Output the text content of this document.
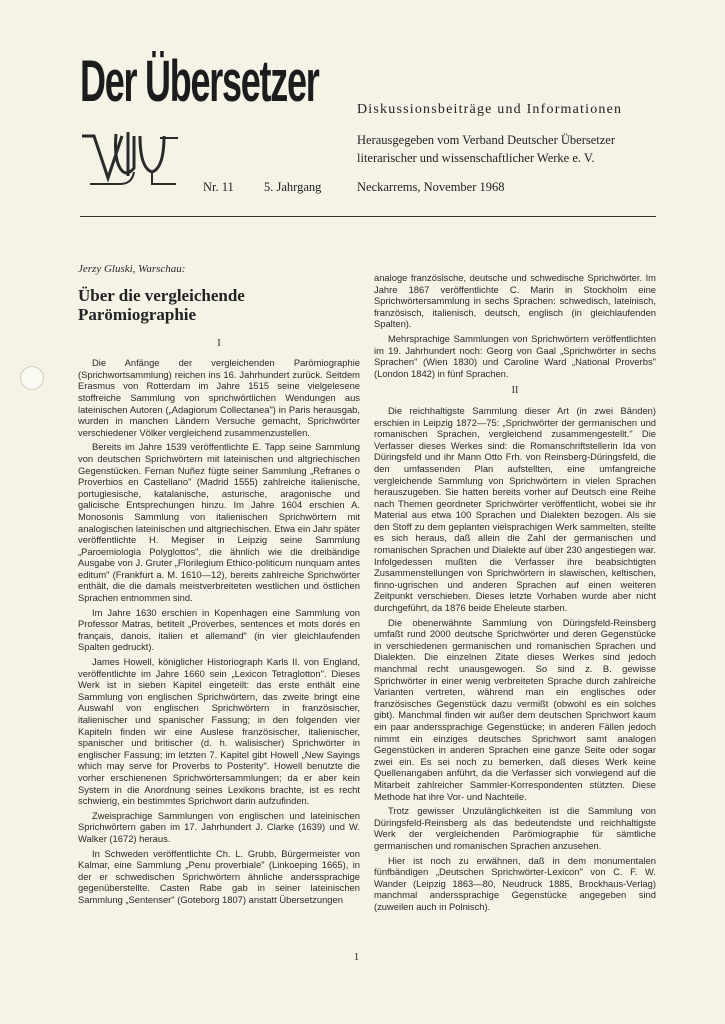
Der Übersetzer	Diskussionsbeiträge und Informationen
Herausgegeben vom Verband Deutscher Übersetzer
literarischer und wissenschaftlicher Werke e. V.
Nr. 11 5. Jahrgang	Neckarrems, November 1968
Jerzy Gluski, Warschau:
Über die vergleichende
Parömiographie
I

Die Anfänge der vergleichenden Parömiographie (Sprichwortsammlung) reichen ins 16. Jahrhundert zurück. Seitdem Erasmus von Rotterdam im Jahre 1515 seine vielgelesene stoffreiche Sammlung von sprichwörtlichen Wendungen aus lateinischen Autoren („Adagiorum Collectanea") in Paris herausgab, wurden in manchen Ländern Versuche gemacht, Sprichwörter verschiedener Völker vergleichend zusammenzustellen.

Bereits im Jahre 1539 veröffentlichte E. Tapp seine Sammlung von deutschen Sprichwörtern mit lateinischen und altgriechischen Gegenstücken. Fernan Nuñez fügte seiner Sammlung „Refranes o Proverbios en Castellano" (Madrid 1555) zahlreiche italienische, portugiesische, katalanische, asturische, aragonische und galicische Entsprechungen hinzu. Im Jahre 1604 erschien A. Monosonis Sammlung von italienischen Sprichwörtern mit analogischen lateinischen und altgriechischen. Etwa ein Jahr später veröffentlichte H. Megiser in Leipzig seine Sammlung „Paroemiologia Polyglottos", die ähnlich wie die dreibändige Ausgabe von J. Gruter „Florilegium Ethico-politicum nunquam antes editum" (Frankfurt a. M. 1610—12), bereits zahlreiche Sprichwörter enthält, die die damals meistverbreiteten westlichen und östlichen Sprachen entnommen sind.

Im Jahre 1630 erschien in Kopenhagen eine Sammlung von Professor Matras, betitelt „Proverbes, sentences et mots dorés en français, danois, italien et allemand" (in vier gleichlaufenden Spalten gedruckt).

James Howell, königlicher Historiograph Karls II. von England, veröffentlichte im Jahre 1660 sein „Lexicon Tetraglotton". Dieses Werk ist in sieben Kapitel eingeteilt: das erste enthält eine Sammlung von englischen Sprichwörtern, das zweite bringt eine Auswahl von englischen Sprichwörtern in französischer, italienischer und spanischer Fassung; in den folgenden vier Kapiteln finden wir eine Auslese französischer, italienischer, spanischer und britischer (d. h. walisischer) Sprichwörter in englischer Fassung; im letzten 7. Kapitel gibt Howell „New Sayings which may serve for Proverbs to Posterity". Howell benutzte die vorher erschienenen Sprichwörtersammlungen; da er aber kein System in die Anordnung seines Lexikons brachte, ist es recht schwierig, ein bestimmtes Sprichwort darin aufzufinden.

Zweisprachige Sammlungen von englischen und lateinischen Sprichwörtern gaben im 17. Jahrhundert J. Clarke (1639) und W. Walker (1672) heraus.

In Schweden veröffentlichte Ch. L. Grubb, Bürgermeister von Kalmar, eine Sammlung „Penu proverbiale" (Linkoeping 1665), in der er schwedischen Sprichwörtern ähnliche anderssprachige gegenüberstellte. Casten Rabe gab in seiner lateinischen Sammlung „Sentenser" (Goteborg 1807) anstatt Übersetzungen

analoge französische, deutsche und schwedische Sprichwörter. Im Jahre 1867 veröffentlichte C. Marin in Stockholm eine Sprichwörtersammlung in sechs Sprachen: schwedisch, lateinisch, französisch, italienisch, deutsch, englisch (in gleichlaufenden Spalten).

Mehrsprachige Sammlungen von Sprichwörtern veröffentlichten im 19. Jahrhundert noch: Georg von Gaal „Sprichwörter in sechs Sprachen" (Wien 1830) und Caroline Ward „National Proverbs" (London 1842) in fünf Sprachen.

II

Die reichhaltigste Sammlung dieser Art (in zwei Bänden) erschien in Leipzig 1872—75: „Sprichwörter der germanischen und romanischen Sprachen, vergleichend zusammengestellt." Die Verfasser dieses Werkes sind: die Romanschriftstellerin Ida von Düringsfeld und ihr Mann Otto Frh. von Reinsberg-Düringsfeld, die den umfassenden Plan aufstellten, eine umfangreiche vergleichende Sammlung von Sprichwörtern in vielen Sprachen herauszugeben. Sie hatten bereits vorher auf Deutsch eine Reihe nach Themen geordneter Sprichwörter veröffentlicht, wobei sie ihr Material aus etwa 100 Sprachen und Dialekten bezogen. Als sie den Stoff zu dem geplanten vielsprachigen Werk sammelten, stellte es sich heraus, daß allein die Zahl der germanischen und romanischen Sprachen und Dialekte auf über 230 angestiegen war. Infolgedessen mußten die Verfasser ihre beabsichtigten Zusammenstellungen von Sprichwörtern in slawischen, keltischen, finno-ugrischen und anderen Sprachen auf einen weiteren Zeitpunkt verschieben. Dieses letzte Vorhaben wurde aber nicht durchgeführt, da 1876 beide Eheleute starben.

Die obenerwähnte Sammlung von Düringsfeld-Reinsberg umfaßt rund 2000 deutsche Sprichwörter und deren Gegenstücke in verschiedenen germanischen und romanischen Sprachen und Dialekten. Die einzelnen Zitate dieses Werkes sind jedoch manchmal recht unausgewogen. So sind z. B. gewisse Sprichwörter in einer wenig verbreiteten Sprache durch zahlreiche Varianten vertreten, während man ein englisches oder französisches Gegenstück dazu vermißt (obwohl es ein solches gibt). Manchmal finden wir außer dem deutschen Sprichwort kaum ein paar anderssprachige Gegenstücke; in anderen Fällen jedoch nimmt ein einziges deutsches Sprichwort samt analogen Gegenstücken in anderen Sprachen eine ganze Seite oder sogar zwei ein. Es sei noch zu bemerken, daß dieses Werk keine Quellenangaben anführt, da die Verfasser sich vorwiegend auf die Mitarbeit zahlreicher Sammler-Korrespondenten stützten. Diese Methode hat ihre Vor- und Nachteile.

Trotz gewisser Unzulänglichkeiten ist die Sammlung von Düringsfeld-Reinsberg als das bedeutendste und reichhaltigste Werk der vergleichenden Parömiographie für sämtliche germanischen und romanischen Sprachen anzusehen.

Hier ist noch zu erwähnen, daß in dem monumentalen fünfbändigen „Deutschen Sprichwörter-Lexicon" von C. F. W. Wander (Leipzig 1863—80, Neudruck 1885, Brockhaus-Verlag) manchmal anderssprachige Gegenstücke angegeben sind (zuweilen auch in Polnisch).

1
